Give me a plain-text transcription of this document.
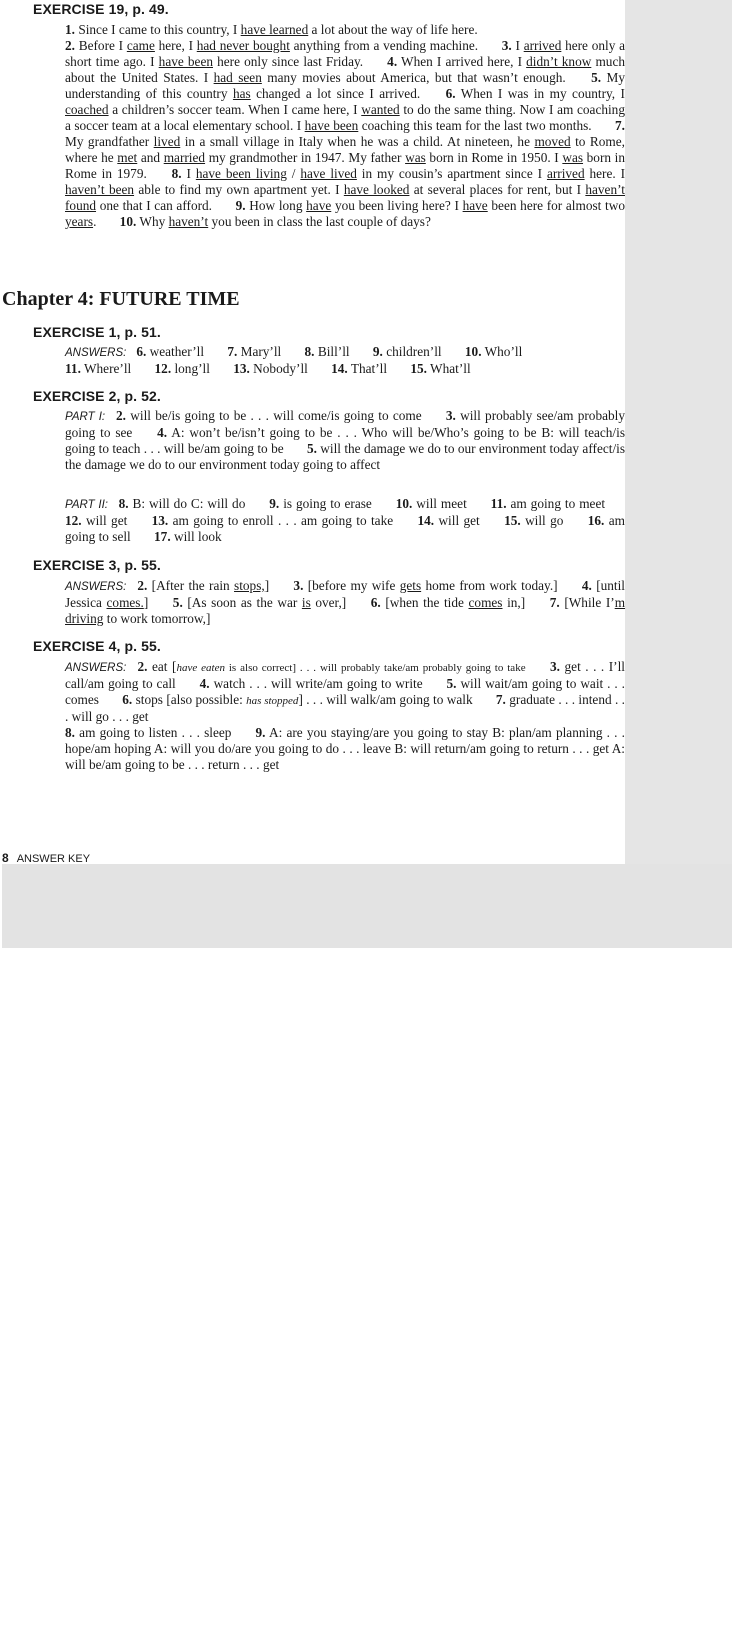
EXERCISE 19, p. 49.
1. Since I came to this country, I have learned a lot about the way of life here.
2. Before I came here, I had never bought anything from a vending machine.   3. I arrived here only a short time ago. I have been here only since last Friday.   4. When I arrived here, I didn’t know much about the United States. I had seen many movies about America, but that wasn’t enough.   5. My understanding of this country has changed a lot since I arrived.   6. When I was in my country, I coached a children’s soccer team. When I came here, I wanted to do the same thing. Now I am coaching a soccer team at a local elementary school. I have been coaching this team for the last two months.   7. My grandfather lived in a small village in Italy when he was a child. At nineteen, he moved to Rome, where he met and married my grandmother in 1947. My father was born in Rome in 1950. I was born in Rome in 1979.   8. I have been living / have lived in my cousin’s apartment since I arrived here. I haven’t been able to find my own apartment yet. I have looked at several places for rent, but I haven’t found one that I can afford.   9. How long have you been living here? I have been here for almost two years.   10. Why haven’t you been in class the last couple of days?
Chapter 4: FUTURE TIME
EXERCISE 1, p. 51.
ANSWERS:  6. weather’ll   7. Mary’ll   8. Bill’ll   9. children’ll   10. Who’ll
11. Where’ll   12. long’ll   13. Nobody’ll   14. That’ll   15. What’ll
EXERCISE 2, p. 52.
PART I:  2. will be/is going to be . . . will come/is going to come   3. will probably see/am probably going to see   4. A: won’t be/isn’t going to be . . . Who will be/Who’s going to be B: will teach/is going to teach . . . will be/am going to be   5. will the damage we do to our environment today affect/is the damage we do to our environment today going to affect
PART II:  8. B: will do C: will do   9. is going to erase   10. will meet   11. am going to meet   12. will get   13. am going to enroll . . . am going to take   14. will get   15. will go   16. am going to sell   17. will look
EXERCISE 3, p. 55.
ANSWERS:  2. [After the rain stops,]   3. [before my wife gets home from work today.]   4. [until Jessica comes.]   5. [As soon as the war is over,]   6. [when the tide comes in,]   7. [While I’m driving to work tomorrow,]
EXERCISE 4, p. 55.
ANSWERS:  2. eat [have eaten is also correct] . . . will probably take/am probably going to take   3. get . . . I’ll call/am going to call   4. watch . . . will write/am going to write   5. will wait/am going to wait . . . comes   6. stops [also possible: has stopped] . . . will walk/am going to walk   7. graduate . . . intend . . . will go . . . get
8. am going to listen . . . sleep   9. A: are you staying/are you going to stay B: plan/am planning . . . hope/am hoping A: will you do/are you going to do . . . leave B: will return/am going to return . . . get A: will be/am going to be . . . return . . . get
8 ANSWER KEY
